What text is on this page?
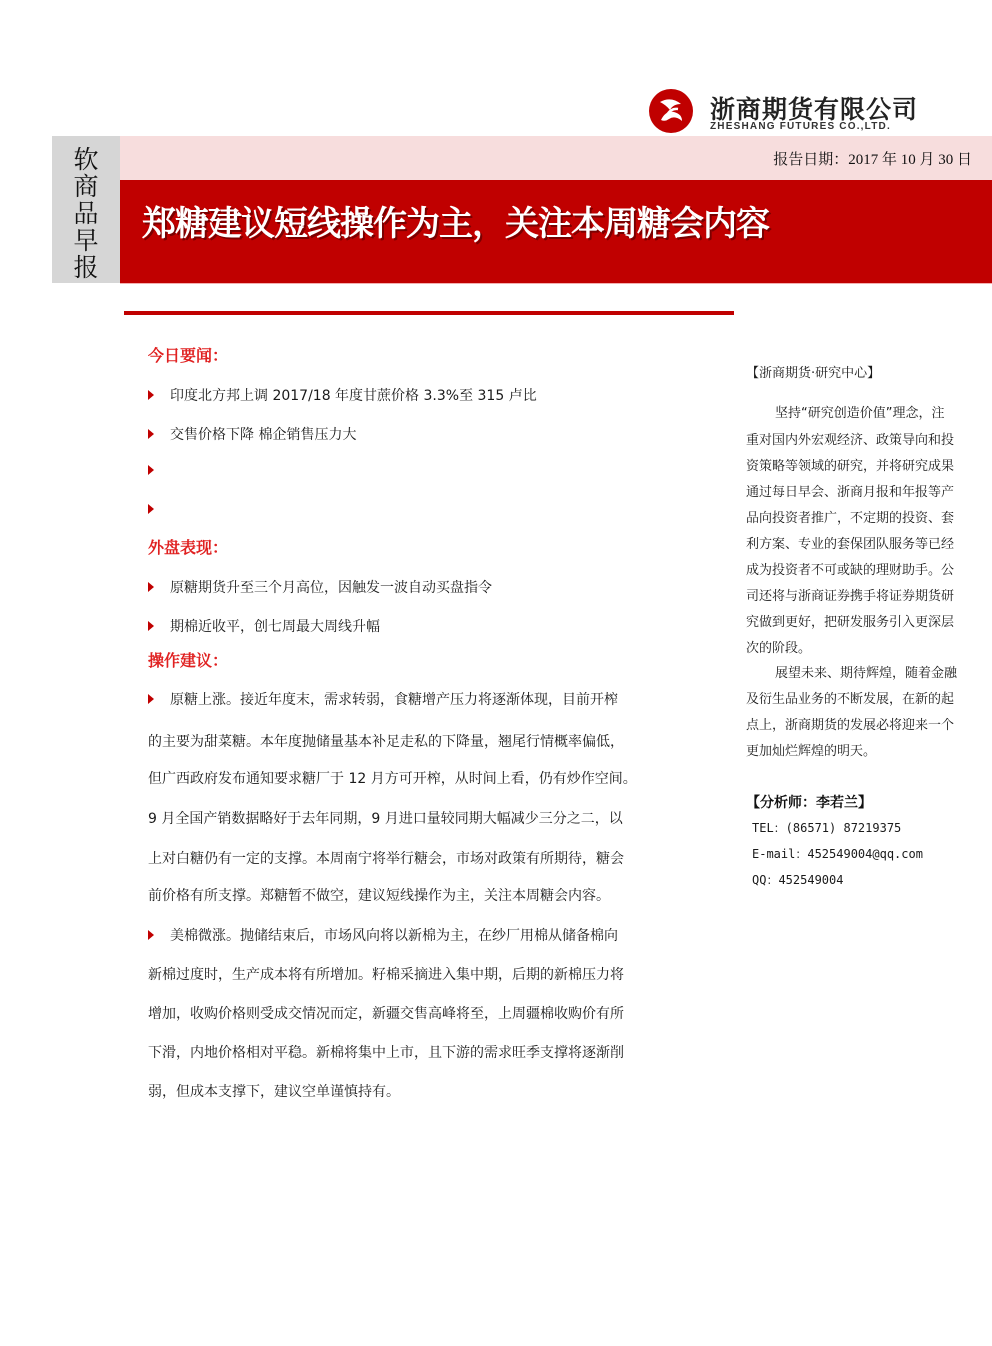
浙商期货有限公司
ZHESHANG FUTURES CO.,LTD.
软
商
品
早
报
报告日期：2017 年 10 月 30 日
郑糖建议短线操作为主，关注本周糖会内容
今日要闻：
印度北方邦上调 2017/18 年度甘蔗价格 3.3%至 315 卢比
交售价格下降 棉企销售压力大
外盘表现：
原糖期货升至三个月高位，因触发一波自动买盘指令
期棉近收平，创七周最大周线升幅
操作建议：
原糖上涨。接近年度末，需求转弱，食糖增产压力将逐渐体现，目前开榨
的主要为甜菜糖。本年度抛储量基本补足走私的下降量，翘尾行情概率偏低，
但广西政府发布通知要求糖厂于 12 月方可开榨，从时间上看，仍有炒作空间。
9 月全国产销数据略好于去年同期，9 月进口量较同期大幅减少三分之二，以
上对白糖仍有一定的支撑。本周南宁将举行糖会，市场对政策有所期待，糖会
前价格有所支撑。郑糖暂不做空，建议短线操作为主，关注本周糖会内容。
美棉微涨。抛储结束后，市场风向将以新棉为主，在纱厂用棉从储备棉向
新棉过度时，生产成本将有所增加。籽棉采摘进入集中期，后期的新棉压力将
增加，收购价格则受成交情况而定，新疆交售高峰将至，上周疆棉收购价有所
下滑，内地价格相对平稳。新棉将集中上市，且下游的需求旺季支撑将逐渐削
弱，但成本支撑下，建议空单谨慎持有。
【浙商期货·研究中心】
坚持“研究创造价值”理念，注
重对国内外宏观经济、政策导向和投
资策略等领域的研究，并将研究成果
通过每日早会、浙商月报和年报等产
品向投资者推广，不定期的投资、套
利方案、专业的套保团队服务等已经
成为投资者不可或缺的理财助手。公
司还将与浙商证券携手将证券期货研
究做到更好，把研发服务引入更深层
次的阶段。
展望未来、期待辉煌，随着金融
及衍生品业务的不断发展，在新的起
点上，浙商期货的发展必将迎来一个
更加灿烂辉煌的明天。
【分析师：李若兰】
TEL：(86571) 87219375
E-mail：452549004@qq.com
QQ：452549004
